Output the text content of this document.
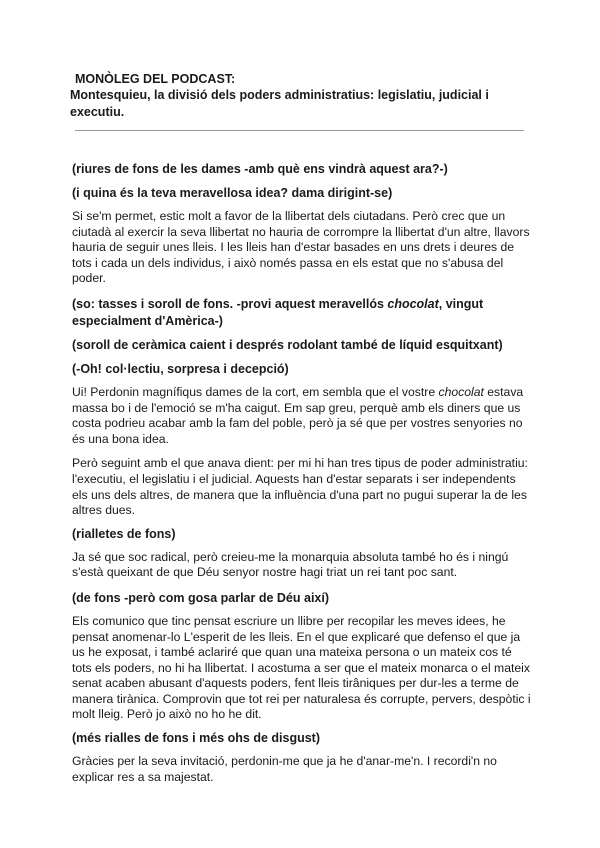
MONÒLEG DEL PODCAST:
Montesquieu, la divisió dels poders administratius: legislatiu, judicial i executiu.

(riures de fons de les dames -amb què ens vindrà aquest ara?-)

(i quina és la teva meravellosa idea? dama dirigint-se)

Si se'm permet, estic molt a favor de la llibertat dels ciutadans. Però crec que un ciutadà al exercir la seva llibertat no hauria de corrompre la llibertat d'un altre, llavors hauria de seguir unes lleis. I les lleis han d'estar basades en uns drets i deures de tots i cada un dels individus, i això només passa en els estat que no s'abusa del poder.

(so: tasses i soroll de fons. -provi aquest meravellós chocolat, vingut especialment d'Amèrica-)

(soroll de ceràmica caient i després rodolant també de líquid esquitxant)

(-Oh! col·lectiu, sorpresa i decepció)

Ui! Perdonin magnífiqus dames de la cort, em sembla que el vostre chocolat estava massa bo i de l'emoció se m'ha caigut. Em sap greu, perquè amb els diners que us costa podrieu acabar amb la fam del poble, però ja sé que per vostres senyories no és una bona idea.

Però seguint amb el que anava dient: per mi hi han tres tipus de poder administratiu: l'executiu, el legislatiu i el judicial. Aquests han d'estar separats i ser independents els uns dels altres, de manera que la influència d'una part no pugui superar la de les altres dues.

(rialletes de fons)

Ja sé que soc radical, però creieu-me la monarquia absoluta també ho és i ningú s'està queixant de que Déu senyor nostre hagi triat un rei tant poc sant.

(de fons -però com gosa parlar de Déu així)

Els comunico que tinc pensat escriure un llibre per recopilar les meves idees, he pensat anomenar-lo L'esperit de les lleis. En el que explicaré que defenso el que ja us he exposat, i també aclariré que quan una mateixa persona o un mateix cos té tots els poders, no hi ha llibertat. I acostuma a ser que el mateix monarca o el mateix senat acaben abusant d'aquests poders, fent lleis tirâniques per dur-les a terme de manera tirànica. Comprovin que tot rei per naturalesa és corrupte, pervers, despòtic i molt lleig. Però jo això no ho he dit.

(més rialles de fons i més ohs de disgust)

Gràcies per la seva invitació, perdonin-me que ja he d'anar-me'n. I recordi'n no explicar res a sa majestat.
